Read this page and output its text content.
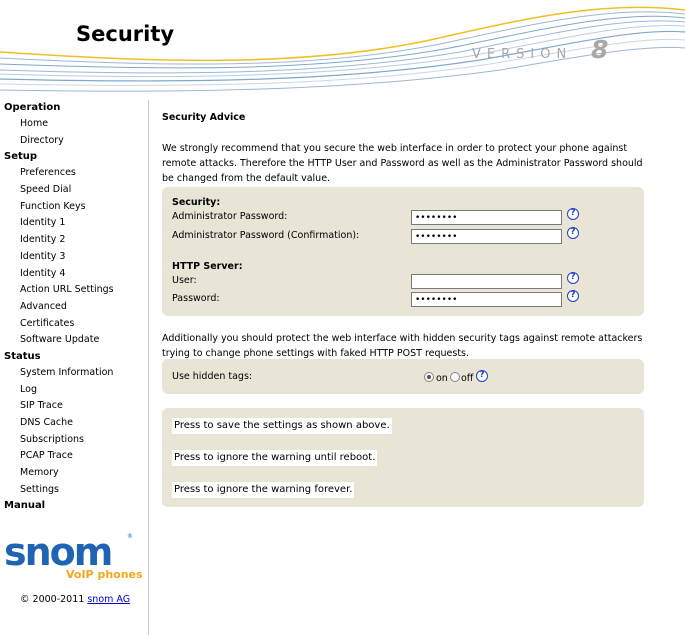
Security
VERSION 8
Operation
Home
Directory
Setup
Preferences
Speed Dial
Function Keys
Identity 1
Identity 2
Identity 3
Identity 4
Action URL Settings
Advanced
Certificates
Software Update
Status
System Information
Log
SIP Trace
DNS Cache
Subscriptions
PCAP Trace
Memory
Settings
Manual
snom	®
VoIP phones
© 2000-2011 snom AG
Security Advice
We strongly recommend that you secure the web interface in order to protect your phone against remote attacks. Therefore the HTTP User and Password as well as the Administrator Password should be changed from the default value.
Security:
Administrator Password:
••••••••	?
Administrator Password (Confirmation):
••••••••	?
HTTP Server:
User:	?
Password:
••••••••	?
Additionally you should protect the web interface with hidden security tags against remote attackers trying to change phone settings with faked HTTP POST requests.
Use hidden tags:	on off ?
Press to save the settings as shown above.
Press to ignore the warning until reboot.
Press to ignore the warning forever.
